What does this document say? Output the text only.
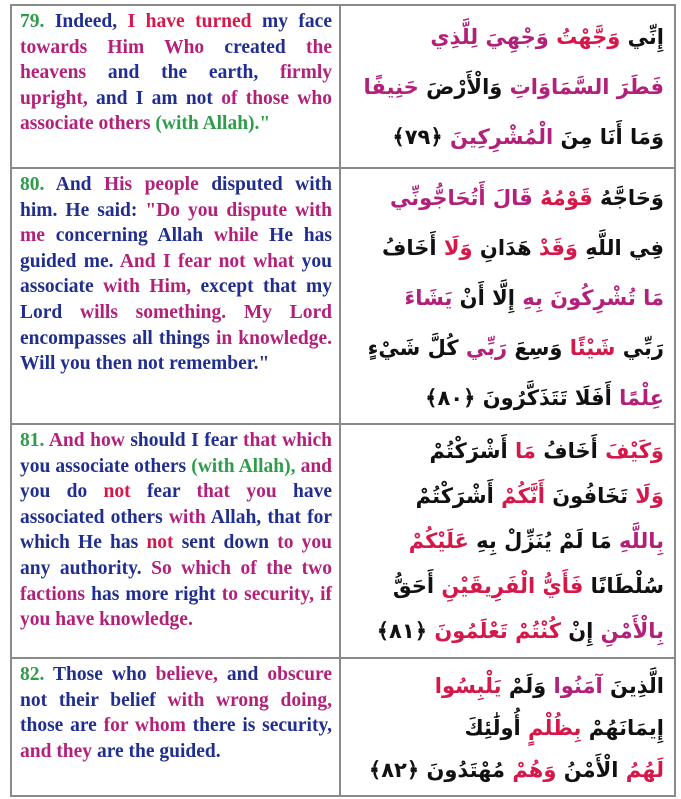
79. Indeed, I have turned my face towards Him Who created the heavens and the earth, firmly upright, and I am not of those who associate others (with Allah)."
إِنِّي وَجَّهْتُ وَجْهِيَ لِلَّذِي
فَطَرَ السَّمَاوَاتِ وَالْأَرْضَ حَنِيفًا
وَمَا أَنَا مِنَ الْمُشْرِكِينَ ﴿٧٩﴾
80. And His people disputed with him. He said: "Do you dispute with me concerning Allah while He has guided me. And I fear not what you associate with Him, except that my Lord wills something. My Lord encompasses all things in knowledge. Will you then not remember."
وَحَاجَّهُ قَوْمُهُ قَالَ أَتُحَاجُّونِّي
فِي اللَّهِ وَقَدْ هَدَانِ وَلَا أَخَافُ
مَا تُشْرِكُونَ بِهِ إِلَّا أَنْ يَشَاءَ
رَبِّي شَيْئًا وَسِعَ رَبِّي كُلَّ شَيْءٍ
عِلْمًا أَفَلَا تَتَذَكَّرُونَ ﴿٨٠﴾
81. And how should I fear that which you associate others (with Allah), and you do not fear that you have associated others with Allah, that for which He has not sent down to you any authority. So which of the two factions has more right to security, if you have knowledge.
وَكَيْفَ أَخَافُ مَا أَشْرَكْتُمْ
وَلَا تَخَافُونَ أَنَّكُمْ أَشْرَكْتُمْ
بِاللَّهِ مَا لَمْ يُنَزِّلْ بِهِ عَلَيْكُمْ
سُلْطَانًا فَأَيُّ الْفَرِيقَيْنِ أَحَقُّ
بِالْأَمْنِ إِنْ كُنْتُمْ تَعْلَمُونَ ﴿٨١﴾
82. Those who believe, and obscure not their belief with wrong doing, those are for whom there is security, and they are the guided.
الَّذِينَ آمَنُوا وَلَمْ يَلْبِسُوا
إِيمَانَهُمْ بِظُلْمٍ أُولَٰئِكَ
لَهُمُ الْأَمْنُ وَهُمْ مُهْتَدُونَ ﴿٨٢﴾
